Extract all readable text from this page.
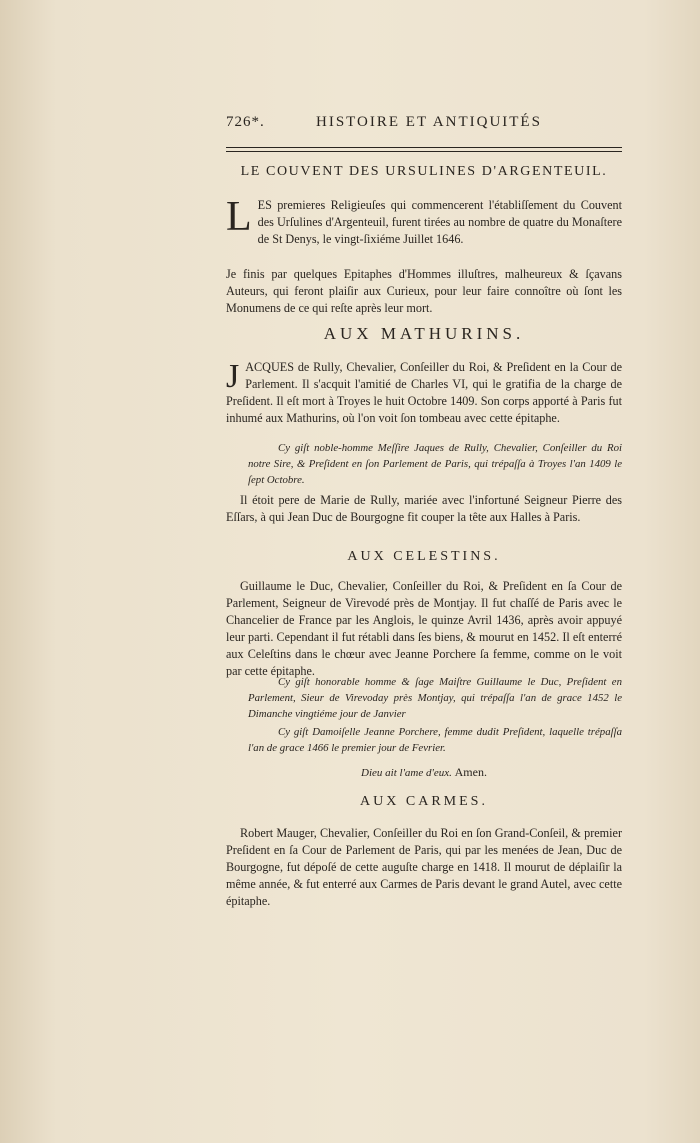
726*.	HISTOIRE ET ANTIQUITÉS
LE COUVENT DES URSULINES D'ARGENTEUIL.

LES premieres Religieuſes qui commencerent l'établiſſement du Couvent des Urſulines d'Argenteuil, furent tirées au nombre de quatre du Monaſtere de St Denys, le vingt-ſixiéme Juillet 1646.

Je finis par quelques Epitaphes d'Hommes illuſtres, malheureux & ſçavans Auteurs, qui feront plaiſir aux Curieux, pour leur faire connoître où ſont les Monumens de ce qui reſte après leur mort.

AUX MATHURINS.

JACQUES de Rully, Chevalier, Conſeiller du Roi, & Preſident en la Cour de Parlement. Il s'acquit l'amitié de Charles VI, qui le gratifia de la charge de Preſident. Il eſt mort à Troyes le huit Octobre 1409. Son corps apporté à Paris fut inhumé aux Mathurins, où l'on voit ſon tombeau avec cette épitaphe.

Cy giſt noble-homme Meſſire Jaques de Rully, Chevalier, Conſeiller du Roi notre Sire, & Preſident en ſon Parlement de Paris, qui trépaſſa à Troyes l'an 1409 le ſept Octobre.

Il étoit pere de Marie de Rully, mariée avec l'infortuné Seigneur Pierre des Eſſars, à qui Jean Duc de Bourgogne fit couper la tête aux Halles à Paris.

AUX CELESTINS.

Guillaume le Duc, Chevalier, Conſeiller du Roi, & Preſident en ſa Cour de Parlement, Seigneur de Virevodé près de Montjay. Il fut chaſſé de Paris avec le Chancelier de France par les Anglois, le quinze Avril 1436, après avoir appuyé leur parti. Cependant il fut rétabli dans ſes biens, & mourut en 1452. Il eſt enterré aux Celeſtins dans le chœur avec Jeanne Porchere ſa femme, comme on le voit par cette épitaphe.

Cy giſt honorable homme & ſage Maiſtre Guillaume le Duc, Preſident en Parlement, Sieur de Virevoday près Montjay, qui trépaſſa l'an de grace 1452 le Dimanche vingtiéme jour de Janvier
Cy giſt Damoiſelle Jeanne Porchere, femme dudit Preſident, laquelle trépaſſa l'an de grace 1466 le premier jour de Fevrier.
Dieu ait l'ame d'eux. Amen.
AUX CARMES.

Robert Mauger, Chevalier, Conſeiller du Roi en ſon Grand-Conſeil, & premier Preſident en ſa Cour de Parlement de Paris, qui par les menées de Jean, Duc de Bourgogne, fut dépoſé de cette auguſte charge en 1418. Il mourut de déplaiſir la même année, & fut enterré aux Carmes de Paris devant le grand Autel, avec cette épitaphe.
